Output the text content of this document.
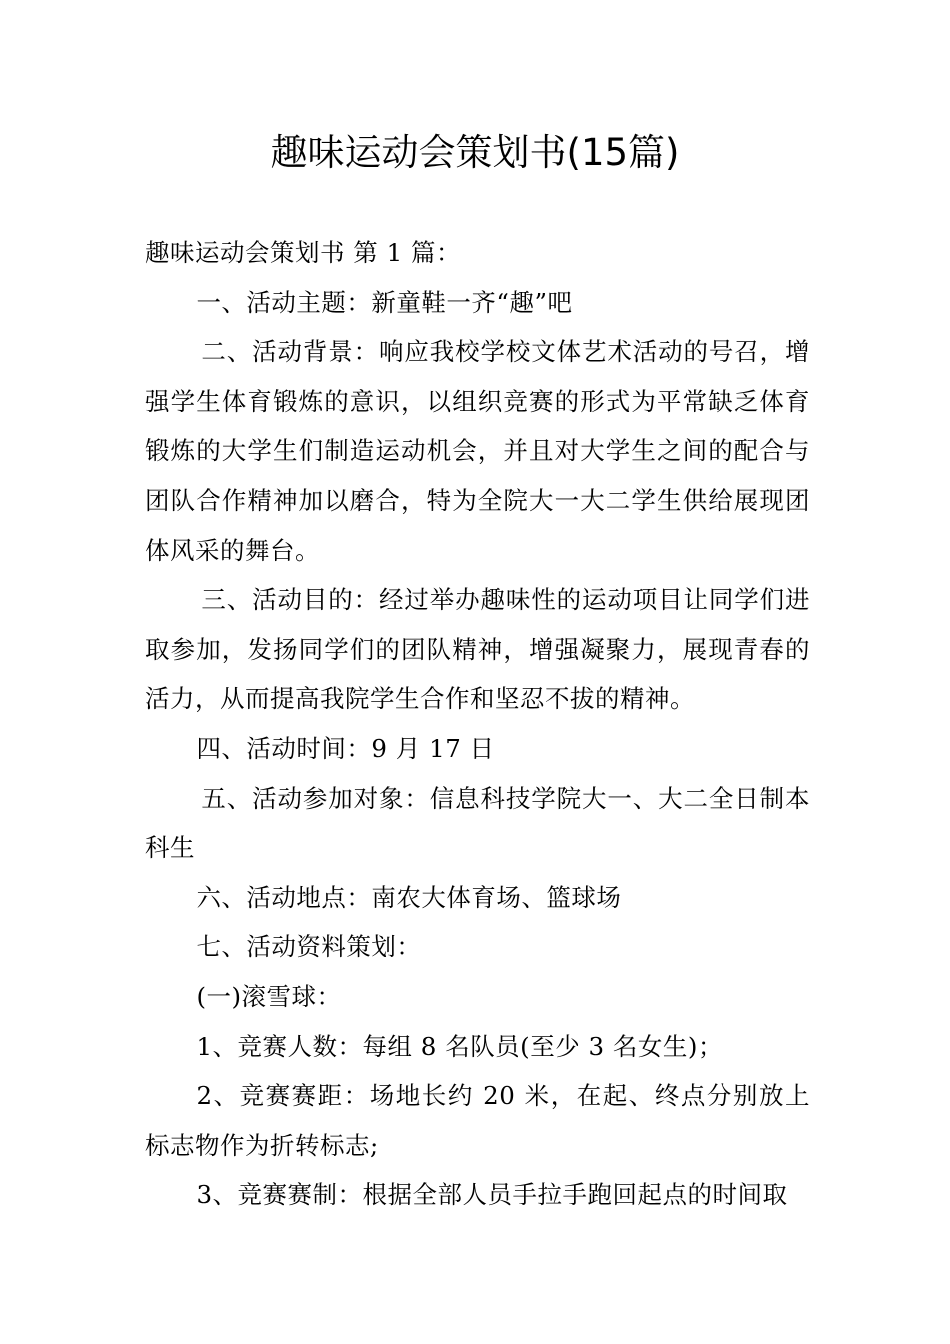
趣味运动会策划书(15篇)

趣味运动会策划书 第 1 篇：

一、活动主题：新童鞋一齐“趣”吧

二、活动背景：响应我校学校文体艺术活动的号召，增强学生体育锻炼的意识，以组织竞赛的形式为平常缺乏体育锻炼的大学生们制造运动机会，并且对大学生之间的配合与团队合作精神加以磨合，特为全院大一大二学生供给展现团体风采的舞台。

三、活动目的：经过举办趣味性的运动项目让同学们进取参加，发扬同学们的团队精神，增强凝聚力，展现青春的活力，从而提高我院学生合作和坚忍不拔的精神。

四、活动时间：9 月 17 日

五、活动参加对象：信息科技学院大一、大二全日制本科生

六、活动地点：南农大体育场、篮球场

七、活动资料策划：

(一)滚雪球：

1、竞赛人数：每组 8 名队员(至少 3 名女生)；

2、竞赛赛距：场地长约 20 米，在起、终点分别放上标志物作为折转标志;

3、竞赛赛制：根据全部人员手拉手跑回起点的时间取
